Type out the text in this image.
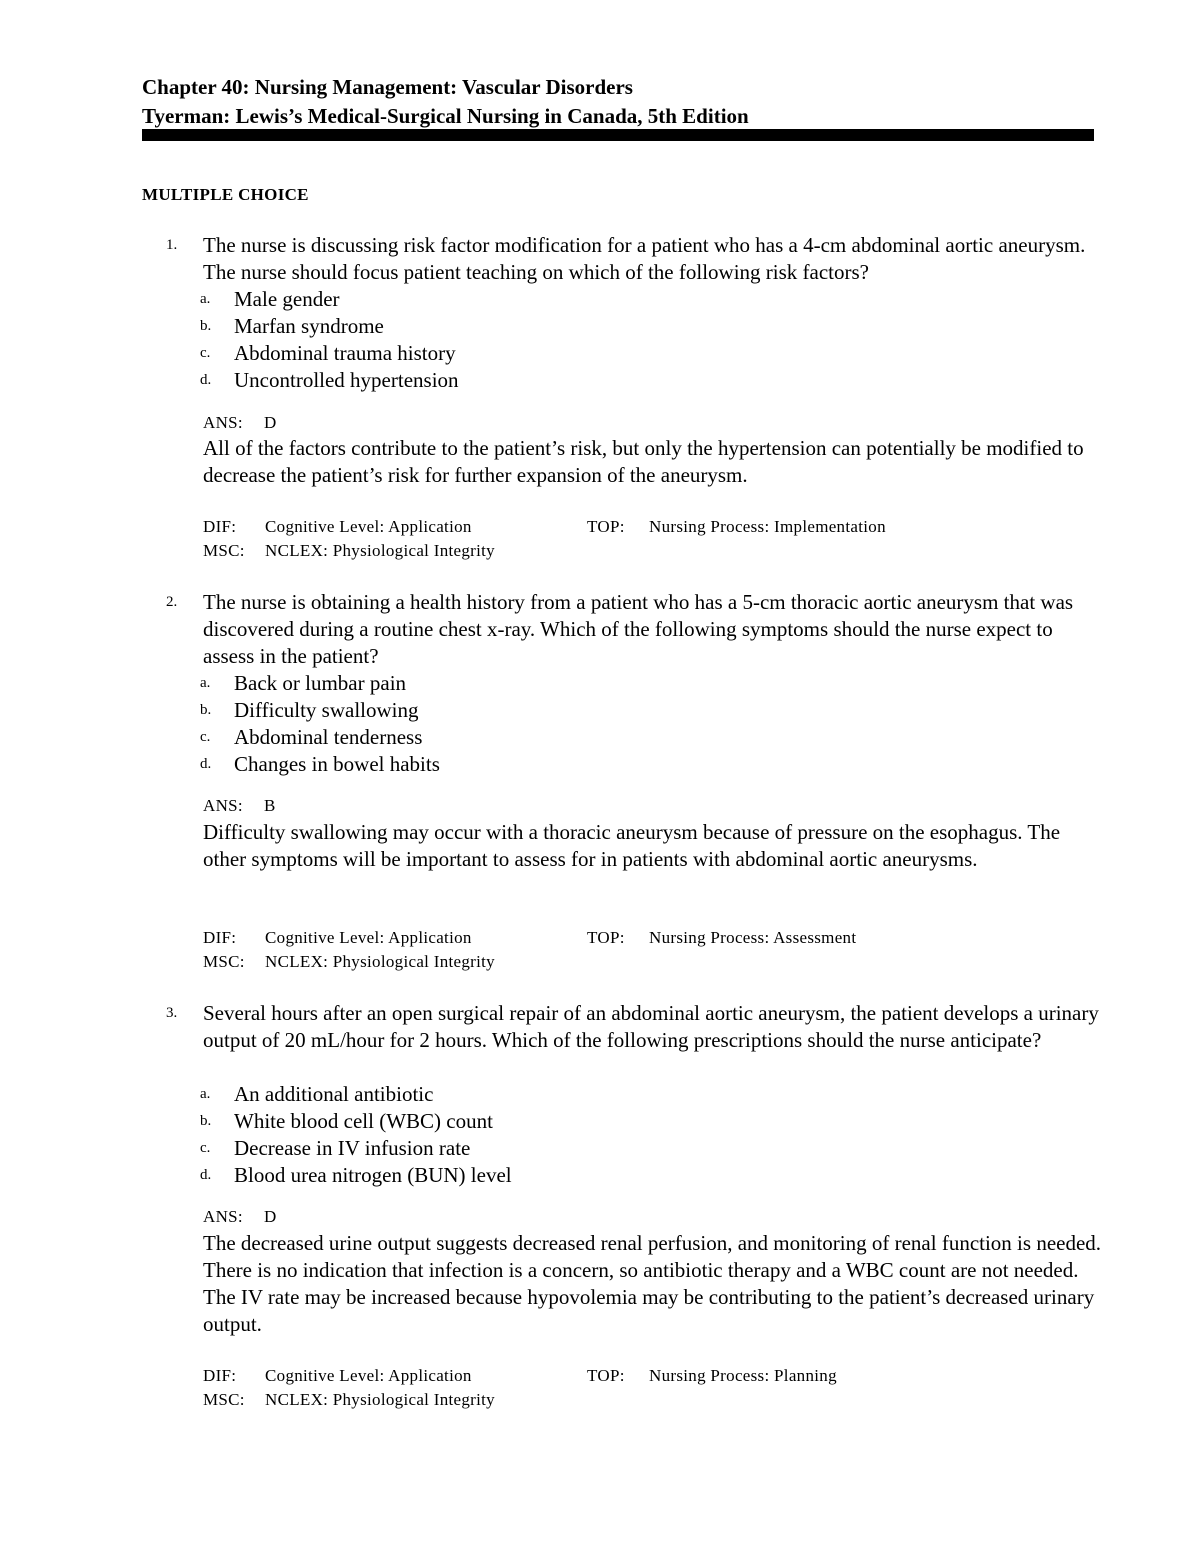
Chapter 40: Nursing Management: Vascular Disorders
Tyerman: Lewis’s Medical-Surgical Nursing in Canada, 5th Edition
MULTIPLE CHOICE
1. The nurse is discussing risk factor modification for a patient who has a 4-cm abdominal aortic aneurysm. The nurse should focus patient teaching on which of the following risk factors?
a. Male gender
b. Marfan syndrome
c. Abdominal trauma history
d. Uncontrolled hypertension
ANS: D
All of the factors contribute to the patient’s risk, but only the hypertension can potentially be modified to decrease the patient’s risk for further expansion of the aneurysm.
DIF: Cognitive Level: Application	TOP: Nursing Process: Implementation
MSC: NCLEX: Physiological Integrity
2. The nurse is obtaining a health history from a patient who has a 5-cm thoracic aortic aneurysm that was discovered during a routine chest x-ray. Which of the following symptoms should the nurse expect to assess in the patient?
a. Back or lumbar pain
b. Difficulty swallowing
c. Abdominal tenderness
d. Changes in bowel habits
ANS: B
Difficulty swallowing may occur with a thoracic aneurysm because of pressure on the esophagus. The other symptoms will be important to assess for in patients with abdominal aortic aneurysms.
DIF: Cognitive Level: Application	TOP: Nursing Process: Assessment
MSC: NCLEX: Physiological Integrity
3. Several hours after an open surgical repair of an abdominal aortic aneurysm, the patient develops a urinary output of 20 mL/hour for 2 hours. Which of the following prescriptions should the nurse anticipate?
a. An additional antibiotic
b. White blood cell (WBC) count
c. Decrease in IV infusion rate
d. Blood urea nitrogen (BUN) level
ANS: D
The decreased urine output suggests decreased renal perfusion, and monitoring of renal function is needed. There is no indication that infection is a concern, so antibiotic therapy and a WBC count are not needed. The IV rate may be increased because hypovolemia may be contributing to the patient’s decreased urinary output.
DIF: Cognitive Level: Application	TOP: Nursing Process: Planning
MSC: NCLEX: Physiological Integrity
